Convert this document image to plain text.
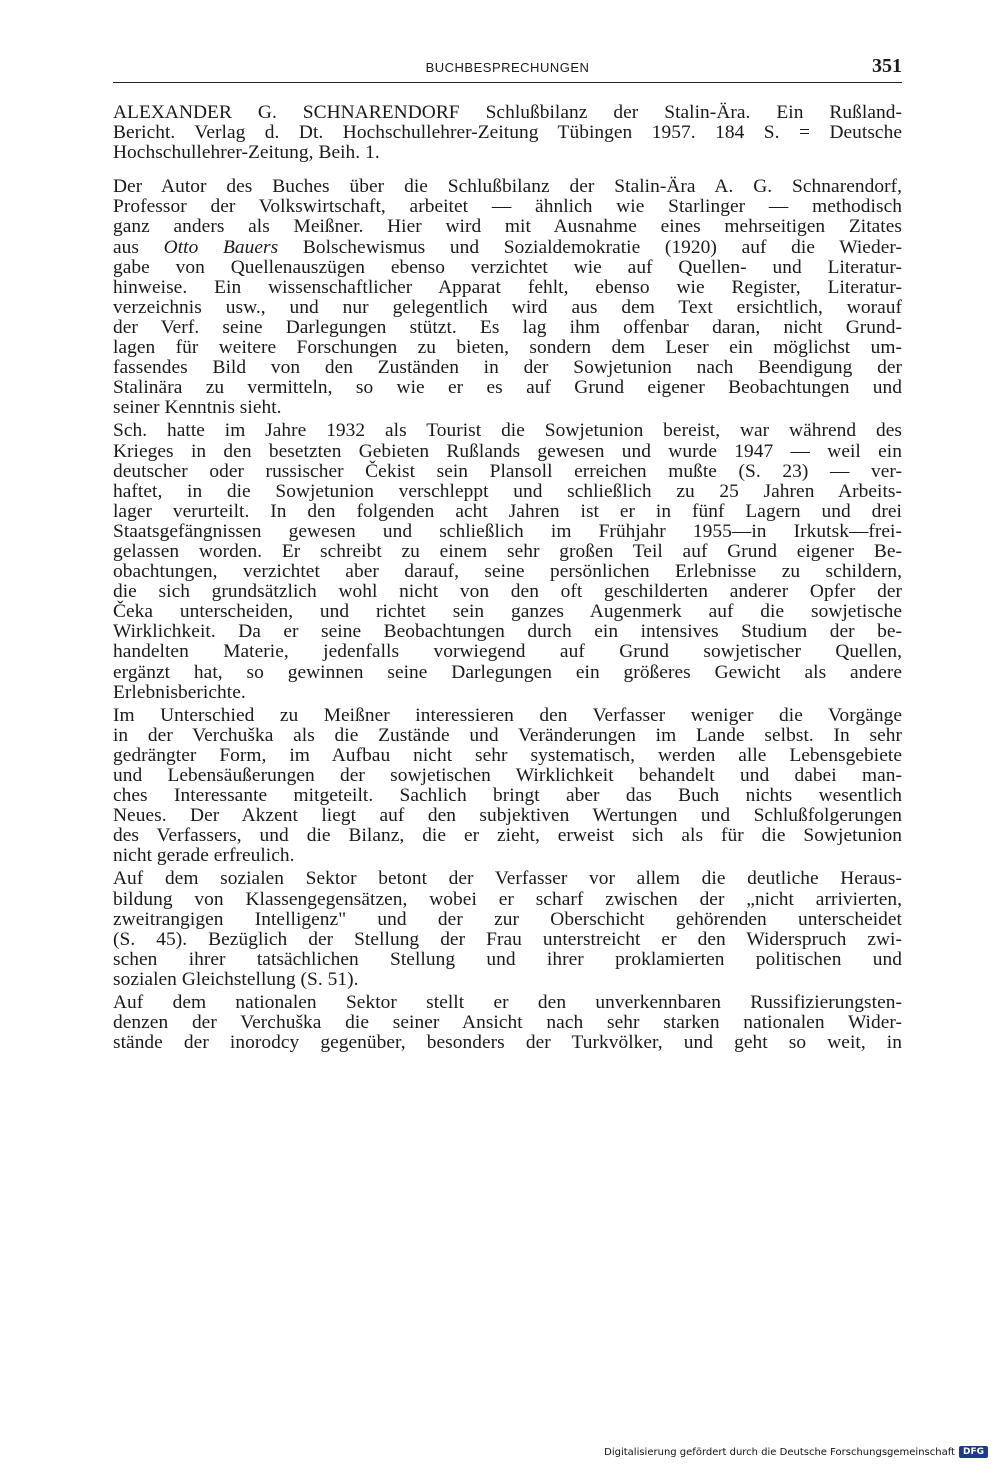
BUCHBESPRECHUNGEN	351
ALEXANDER G. SCHNARENDORF Schlußbilanz der Stalin-Ära. Ein Rußland-
Bericht. Verlag d. Dt. Hochschullehrer-Zeitung Tübingen 1957. 184 S. = Deutsche
Hochschullehrer-Zeitung, Beih. 1.
Der Autor des Buches über die Schlußbilanz der Stalin-Ära A. G. Schnarendorf,
Professor der Volkswirtschaft, arbeitet — ähnlich wie Starlinger — methodisch
ganz anders als Meißner. Hier wird mit Ausnahme eines mehrseitigen Zitates
aus Otto Bauers Bolschewismus und Sozialdemokratie (1920) auf die Wieder-
gabe von Quellenauszügen ebenso verzichtet wie auf Quellen- und Literatur-
hinweise. Ein wissenschaftlicher Apparat fehlt, ebenso wie Register, Literatur-
verzeichnis usw., und nur gelegentlich wird aus dem Text ersichtlich, worauf
der Verf. seine Darlegungen stützt. Es lag ihm offenbar daran, nicht Grund-
lagen für weitere Forschungen zu bieten, sondern dem Leser ein möglichst um-
fassendes Bild von den Zuständen in der Sowjetunion nach Beendigung der
Stalinära zu vermitteln, so wie er es auf Grund eigener Beobachtungen und
seiner Kenntnis sieht.
Sch. hatte im Jahre 1932 als Tourist die Sowjetunion bereist, war während des
Krieges in den besetzten Gebieten Rußlands gewesen und wurde 1947 — weil ein
deutscher oder russischer Čekist sein Plansoll erreichen mußte (S. 23) — ver-
haftet, in die Sowjetunion verschleppt und schließlich zu 25 Jahren Arbeits-
lager verurteilt. In den folgenden acht Jahren ist er in fünf Lagern und drei
Staatsgefängnissen gewesen und schließlich im Frühjahr 1955—in Irkutsk—frei-
gelassen worden. Er schreibt zu einem sehr großen Teil auf Grund eigener Be-
obachtungen, verzichtet aber darauf, seine persönlichen Erlebnisse zu schildern,
die sich grundsätzlich wohl nicht von den oft geschilderten anderer Opfer der
Čeka unterscheiden, und richtet sein ganzes Augenmerk auf die sowjetische
Wirklichkeit. Da er seine Beobachtungen durch ein intensives Studium der be-
handelten Materie, jedenfalls vorwiegend auf Grund sowjetischer Quellen,
ergänzt hat, so gewinnen seine Darlegungen ein größeres Gewicht als andere
Erlebnisberichte.
Im Unterschied zu Meißner interessieren den Verfasser weniger die Vorgänge
in der Verchuška als die Zustände und Veränderungen im Lande selbst. In sehr
gedrängter Form, im Aufbau nicht sehr systematisch, werden alle Lebensgebiete
und Lebensäußerungen der sowjetischen Wirklichkeit behandelt und dabei man-
ches Interessante mitgeteilt. Sachlich bringt aber das Buch nichts wesentlich
Neues. Der Akzent liegt auf den subjektiven Wertungen und Schlußfolgerungen
des Verfassers, und die Bilanz, die er zieht, erweist sich als für die Sowjetunion
nicht gerade erfreulich.
Auf dem sozialen Sektor betont der Verfasser vor allem die deutliche Heraus-
bildung von Klassengegensätzen, wobei er scharf zwischen der „nicht arrivierten,
zweitrangigen Intelligenz" und der zur Oberschicht gehörenden unterscheidet
(S. 45). Bezüglich der Stellung der Frau unterstreicht er den Widerspruch zwi-
schen ihrer tatsächlichen Stellung und ihrer proklamierten politischen und
sozialen Gleichstellung (S. 51).
Auf dem nationalen Sektor stellt er den unverkennbaren Russifizierungsten-
denzen der Verchuška die seiner Ansicht nach sehr starken nationalen Wider-
stände der inorodcy gegenüber, besonders der Turkvölker, und geht so weit, in
Digitalisierung gefördert durch die Deutsche Forschungsgemeinschaft DFG
